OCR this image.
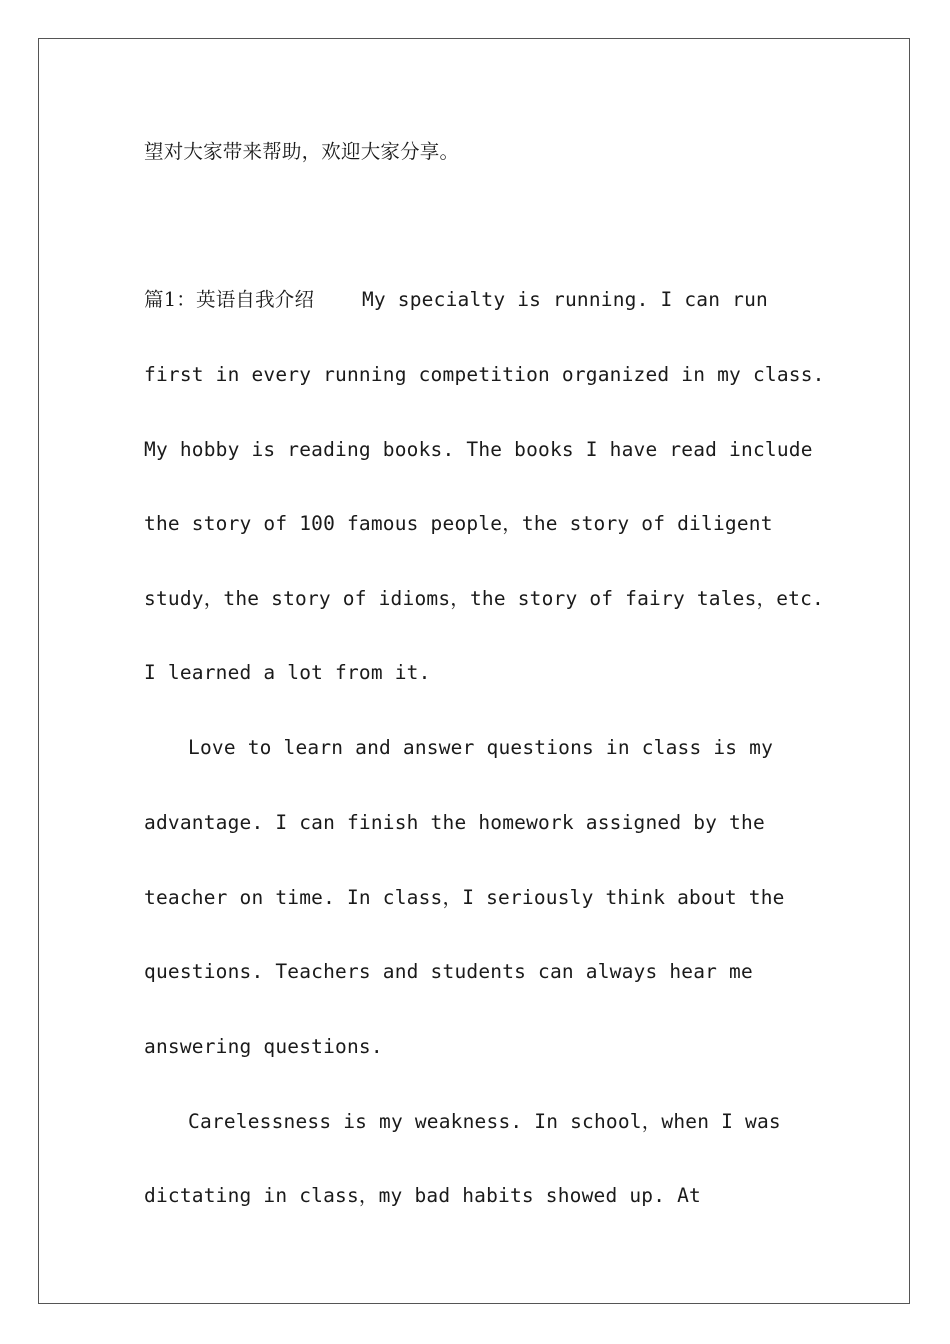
望对大家带来帮助，欢迎大家分享。
篇1：英语自我介绍 My specialty is running. I can run
first in every running competition organized in my class.
My hobby is reading books. The books I have read include
the story of 100 famous people，the story of diligent
study，the story of idioms，the story of fairy tales，etc.
I learned a lot from it.
Love to learn and answer questions in class is my
advantage. I can finish the homework assigned by the
teacher on time. In class，I seriously think about the
questions. Teachers and students can always hear me
answering questions.
Carelessness is my weakness. In school，when I was
dictating in class，my bad habits showed up. At
